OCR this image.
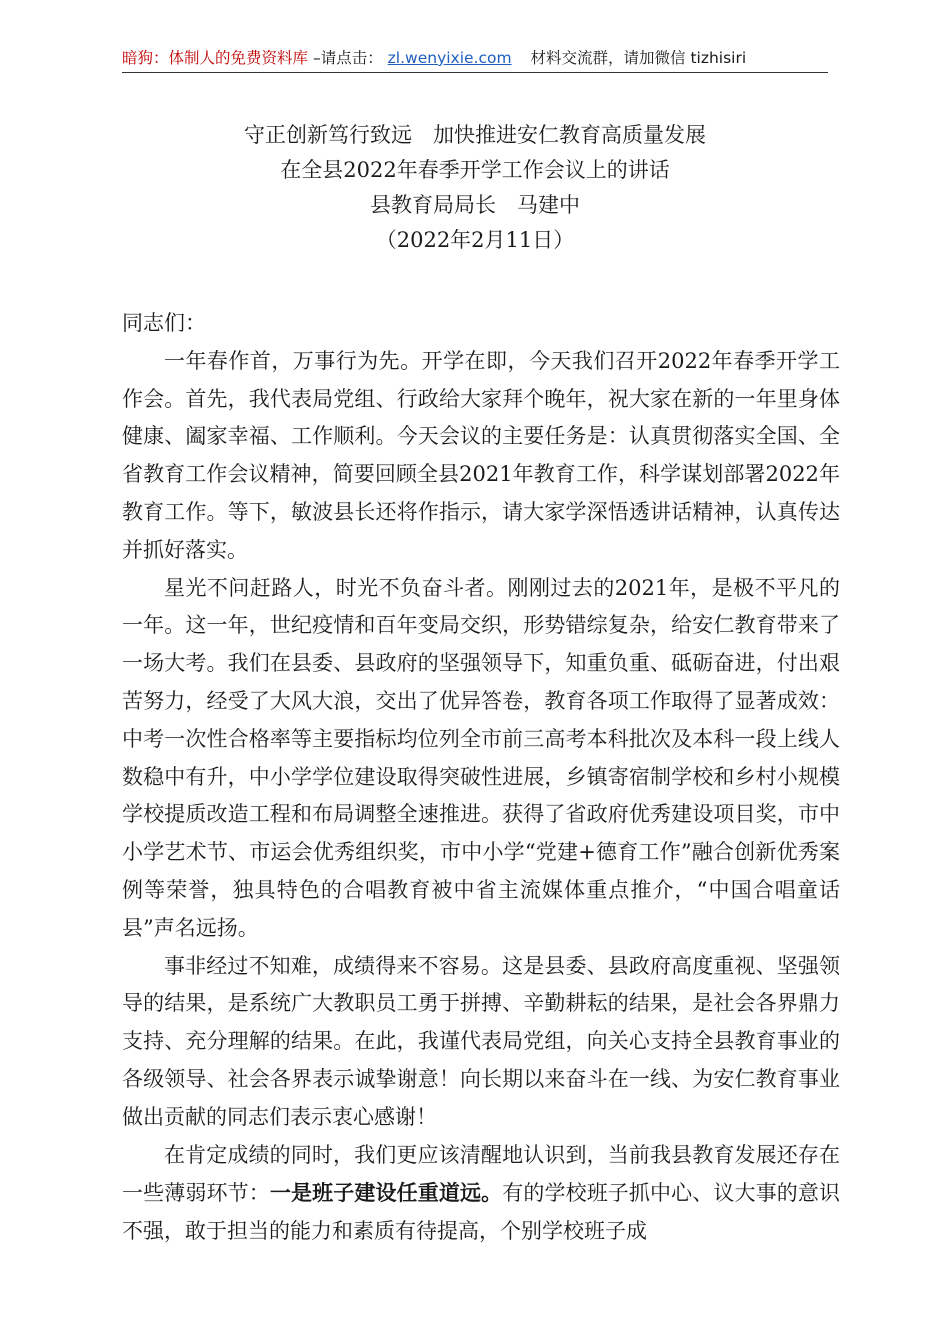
暗狗：体制人的免费资料库 –请点击： zl.wenyixie.com 材料交流群，请加微信 tizhisiri
守正创新笃行致远　加快推进安仁教育高质量发展
在全县2022年春季开学工作会议上的讲话
县教育局局长　马建中
（2022年2月11日）

同志们：

一年春作首，万事行为先。开学在即，今天我们召开2022年春季开学工作会。首先，我代表局党组、行政给大家拜个晚年，祝大家在新的一年里身体健康、阖家幸福、工作顺利。今天会议的主要任务是：认真贯彻落实全国、全省教育工作会议精神，简要回顾全县2021年教育工作，科学谋划部署2022年教育工作。等下，敏波县长还将作指示，请大家学深悟透讲话精神，认真传达并抓好落实。

星光不问赶路人，时光不负奋斗者。刚刚过去的2021年，是极不平凡的一年。这一年，世纪疫情和百年变局交织，形势错综复杂，给安仁教育带来了一场大考。我们在县委、县政府的坚强领导下，知重负重、砥砺奋进，付出艰苦努力，经受了大风大浪，交出了优异答卷，教育各项工作取得了显著成效：中考一次性合格率等主要指标均位列全市前三高考本科批次及本科一段上线人数稳中有升，中小学学位建设取得突破性进展，乡镇寄宿制学校和乡村小规模学校提质改造工程和布局调整全速推进。获得了省政府优秀建设项目奖，市中小学艺术节、市运会优秀组织奖，市中小学“党建+德育工作”融合创新优秀案例等荣誉，独具特色的合唱教育被中省主流媒体重点推介，“中国合唱童话县”声名远扬。

事非经过不知难，成绩得来不容易。这是县委、县政府高度重视、坚强领导的结果，是系统广大教职员工勇于拼搏、辛勤耕耘的结果，是社会各界鼎力支持、充分理解的结果。在此，我谨代表局党组，向关心支持全县教育事业的各级领导、社会各界表示诚挚谢意！向长期以来奋斗在一线、为安仁教育事业做出贡献的同志们表示衷心感谢！

在肯定成绩的同时，我们更应该清醒地认识到，当前我县教育发展还存在一些薄弱环节：一是班子建设任重道远。有的学校班子抓中心、议大事的意识不强，敢于担当的能力和素质有待提高，个别学校班子成
